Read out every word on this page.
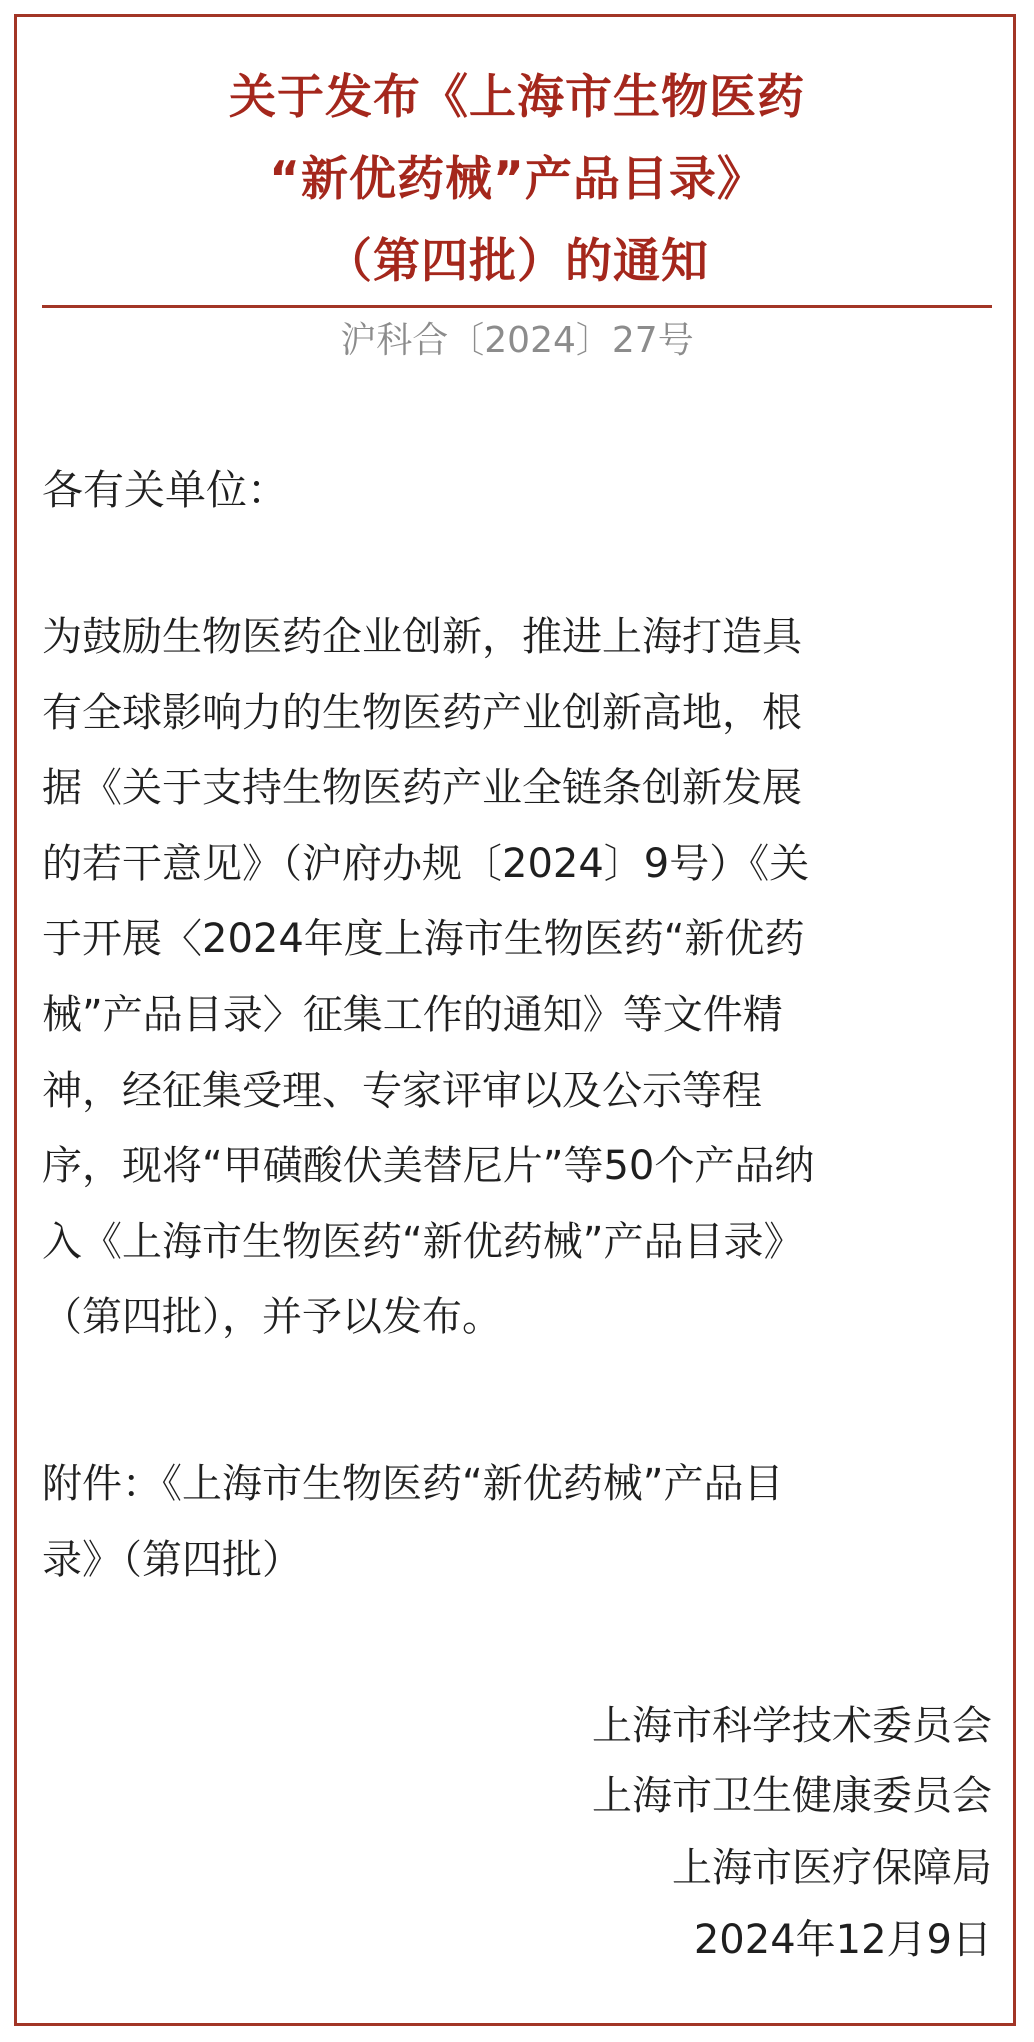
关于发布《上海市生物医药
“新优药械”产品目录》
（第四批）的通知
沪科合〔2024〕27号
各有关单位：
为鼓励生物医药企业创新，推进上海打造具
有全球影响力的生物医药产业创新高地，根
据《关于支持生物医药产业全链条创新发展
的若干意见》（沪府办规〔2024〕9号）《关
于开展〈2024年度上海市生物医药“新优药
械”产品目录〉征集工作的通知》等文件精
神，经征集受理、专家评审以及公示等程
序，现将“甲磺酸伏美替尼片”等50个产品纳
入《上海市生物医药“新优药械”产品目录》
（第四批），并予以发布。
附件：《上海市生物医药“新优药械”产品目
录》（第四批）
上海市科学技术委员会
上海市卫生健康委员会
上海市医疗保障局
2024年12月9日
